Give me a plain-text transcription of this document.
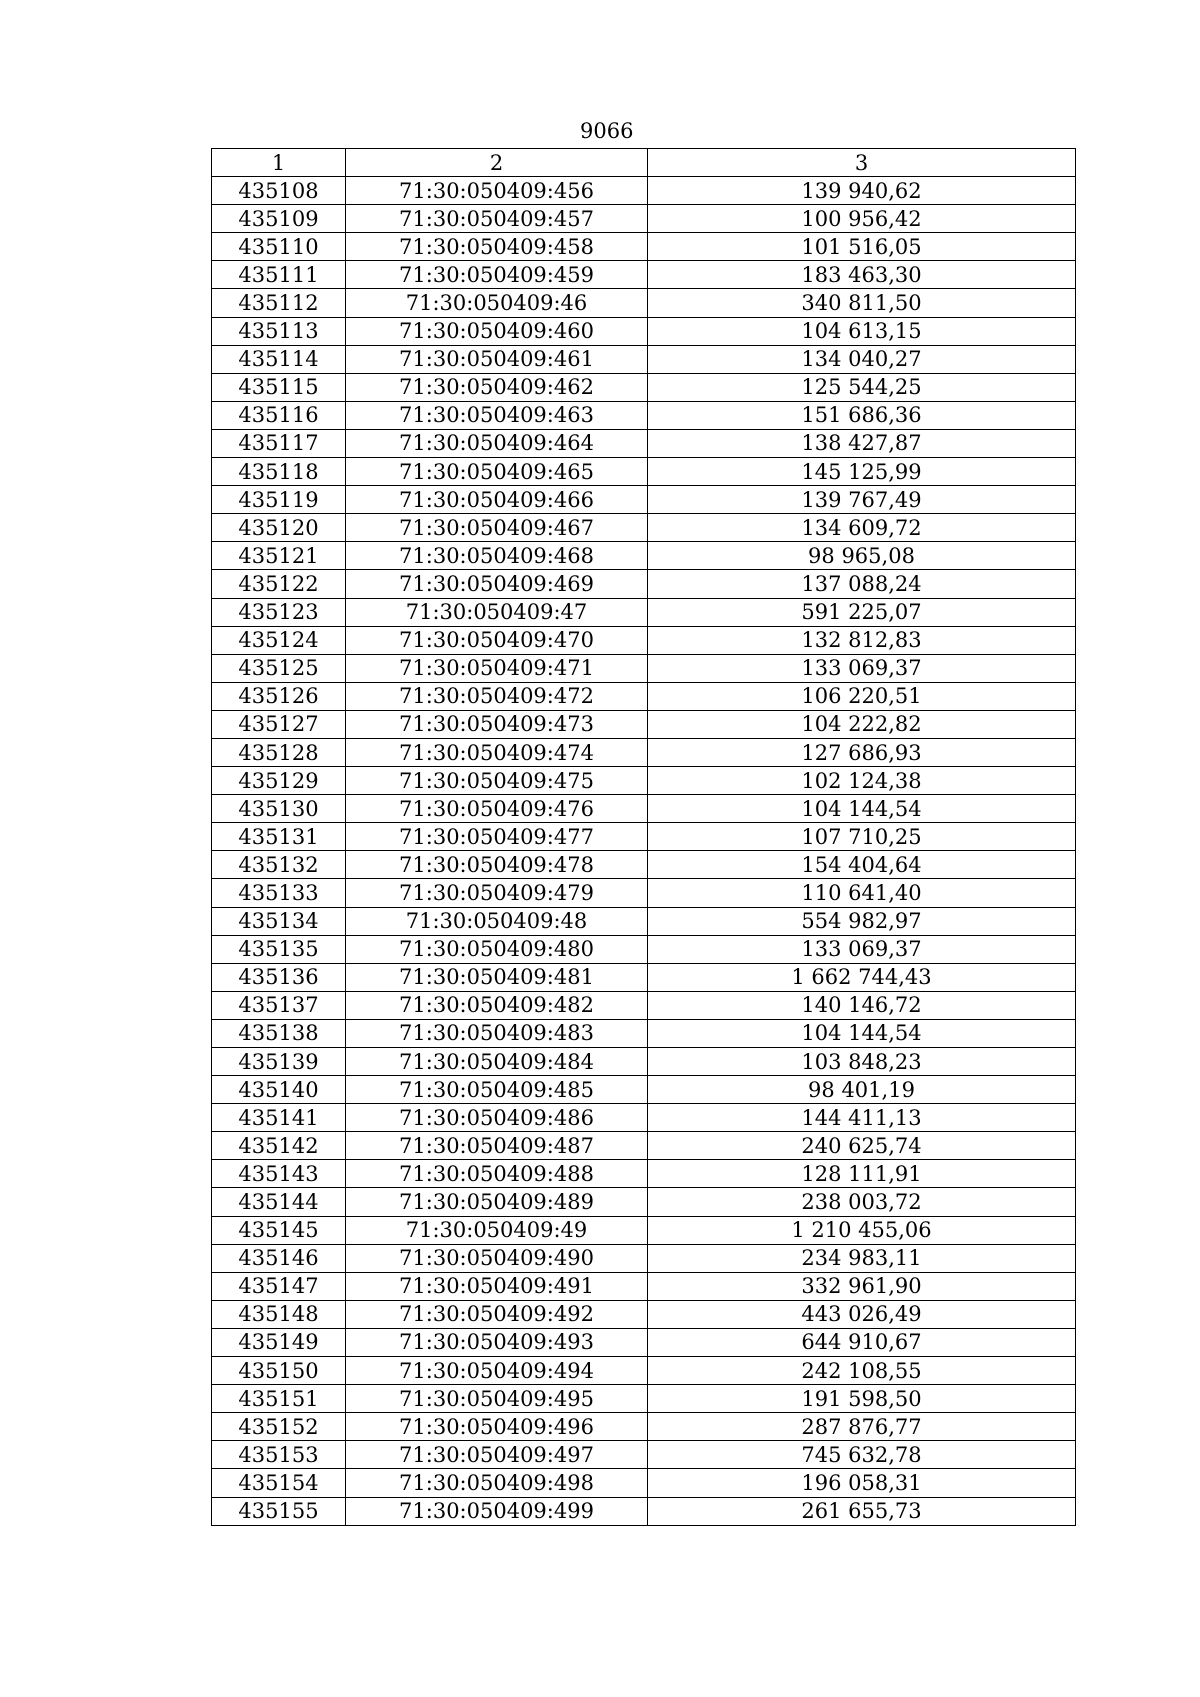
9066
1	2	3
435108	71:30:050409:456	139 940,62
435109	71:30:050409:457	100 956,42
435110	71:30:050409:458	101 516,05
435111	71:30:050409:459	183 463,30
435112	71:30:050409:46	340 811,50
435113	71:30:050409:460	104 613,15
435114	71:30:050409:461	134 040,27
435115	71:30:050409:462	125 544,25
435116	71:30:050409:463	151 686,36
435117	71:30:050409:464	138 427,87
435118	71:30:050409:465	145 125,99
435119	71:30:050409:466	139 767,49
435120	71:30:050409:467	134 609,72
435121	71:30:050409:468	98 965,08
435122	71:30:050409:469	137 088,24
435123	71:30:050409:47	591 225,07
435124	71:30:050409:470	132 812,83
435125	71:30:050409:471	133 069,37
435126	71:30:050409:472	106 220,51
435127	71:30:050409:473	104 222,82
435128	71:30:050409:474	127 686,93
435129	71:30:050409:475	102 124,38
435130	71:30:050409:476	104 144,54
435131	71:30:050409:477	107 710,25
435132	71:30:050409:478	154 404,64
435133	71:30:050409:479	110 641,40
435134	71:30:050409:48	554 982,97
435135	71:30:050409:480	133 069,37
435136	71:30:050409:481	1 662 744,43
435137	71:30:050409:482	140 146,72
435138	71:30:050409:483	104 144,54
435139	71:30:050409:484	103 848,23
435140	71:30:050409:485	98 401,19
435141	71:30:050409:486	144 411,13
435142	71:30:050409:487	240 625,74
435143	71:30:050409:488	128 111,91
435144	71:30:050409:489	238 003,72
435145	71:30:050409:49	1 210 455,06
435146	71:30:050409:490	234 983,11
435147	71:30:050409:491	332 961,90
435148	71:30:050409:492	443 026,49
435149	71:30:050409:493	644 910,67
435150	71:30:050409:494	242 108,55
435151	71:30:050409:495	191 598,50
435152	71:30:050409:496	287 876,77
435153	71:30:050409:497	745 632,78
435154	71:30:050409:498	196 058,31
435155	71:30:050409:499	261 655,73
